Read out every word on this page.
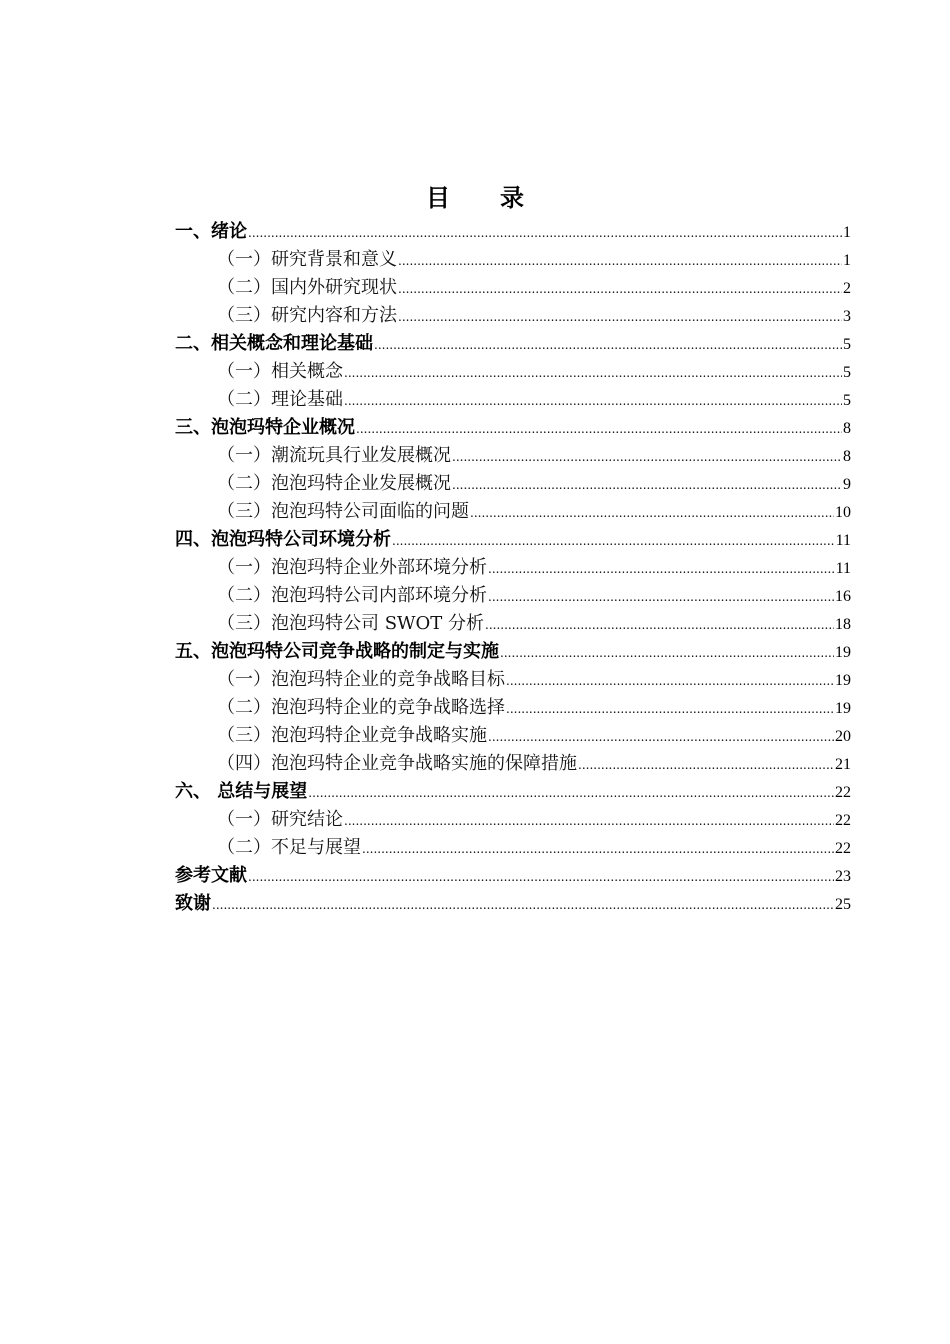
目 录
一、绪论 .....	1
（一）研究背景和意义 .....	1
（二）国内外研究现状 .....	2
（三）研究内容和方法 .....	3
二、相关概念和理论基础 .....	5
（一）相关概念 .....	5
（二）理论基础 .....	5
三、泡泡玛特企业概况 .....	8
（一）潮流玩具行业发展概况 .....	8
（二）泡泡玛特企业发展概况 .....	9
（三）泡泡玛特公司面临的问题 .....	10
四、泡泡玛特公司环境分析 .....	11
（一）泡泡玛特企业外部环境分析 .....	11
（二）泡泡玛特公司内部环境分析 .....	16
（三）泡泡玛特公司 SWOT 分析 .....	18
五、泡泡玛特公司竞争战略的制定与实施 .....	19
（一）泡泡玛特企业的竞争战略目标 .....	19
（二）泡泡玛特企业的竞争战略选择 .....	19
（三）泡泡玛特企业竞争战略实施 .....	20
（四）泡泡玛特企业竞争战略实施的保障措施 .....	21
六、 总结与展望 .....	22
（一）研究结论 .....	22
（二）不足与展望 .....	22
参考文献 .....	23
致谢 .....	25
